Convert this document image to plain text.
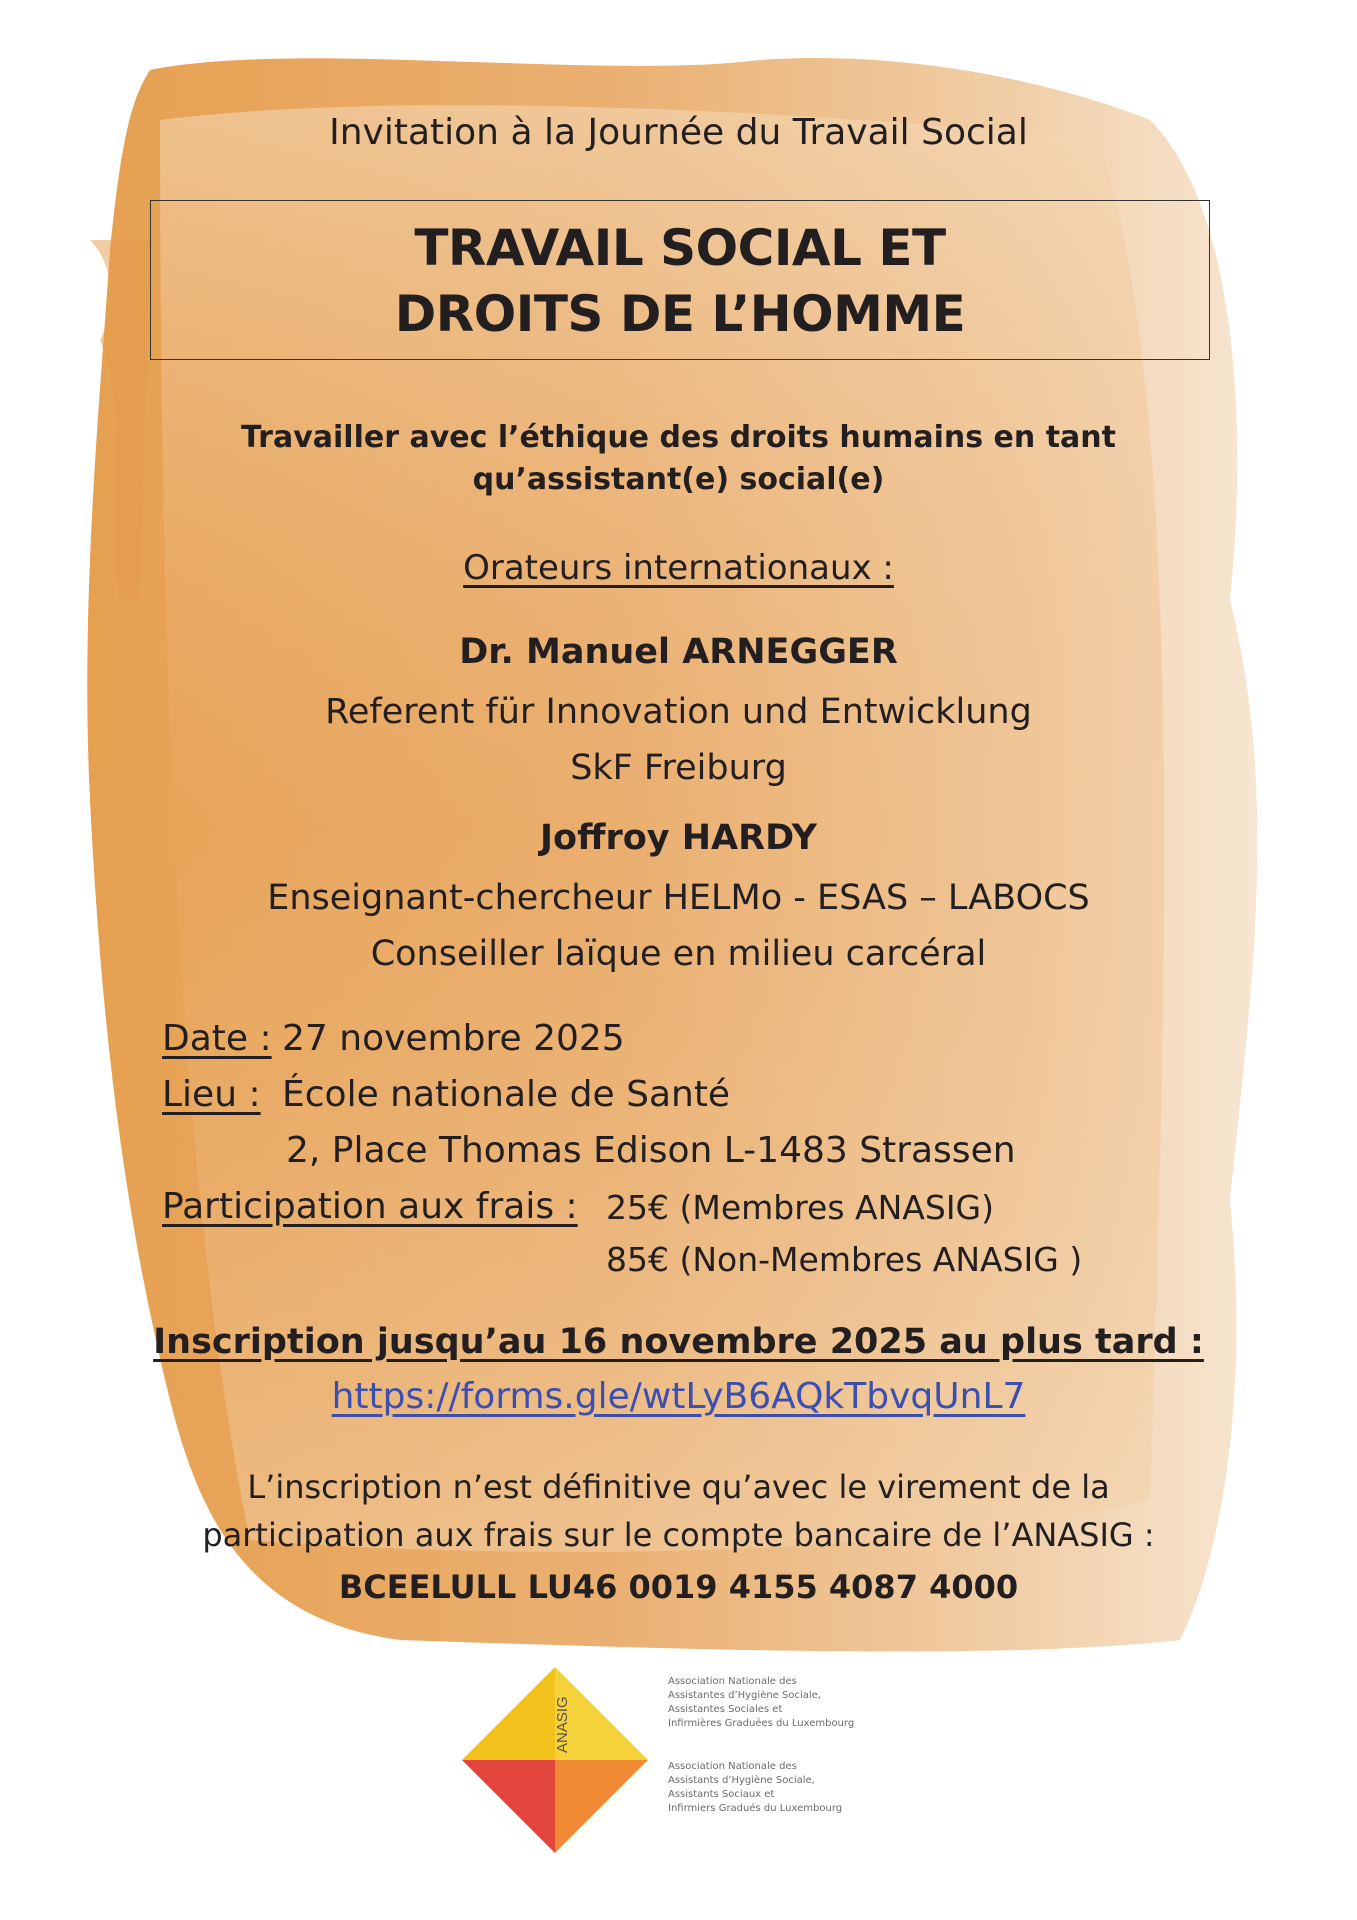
Invitation à la Journée du Travail Social
TRAVAIL SOCIAL ET
DROITS DE L’HOMME
Travailler avec l’éthique des droits humains en tant
qu’assistant(e) social(e)
Orateurs internationaux :
Dr. Manuel ARNEGGER
Referent für Innovation und Entwicklung
SkF Freiburg
Joffroy HARDY
Enseignant-chercheur HELMo - ESAS – LABOCS
Conseiller laïque en milieu carcéral
Date : 27 novembre 2025
Lieu : École nationale de Santé
2, Place Thomas Edison L-1483 Strassen
Participation aux frais : 25€ (Membres ANASIG)
85€ (Non-Membres ANASIG )
Inscription jusqu’au 16 novembre 2025 au plus tard :
https://forms.gle/wtLyB6AQkTbvqUnL7
L’inscription n’est définitive qu’avec le virement de la
participation aux frais sur le compte bancaire de l’ANASIG :
BCEELULL LU46 0019 4155 4087 4000
ANASIG
Association Nationale des
Assistantes d’Hygiène Sociale,
Assistantes Sociales et
Infirmières Graduées du Luxembourg
Association Nationale des
Assistants d’Hygiène Sociale,
Assistants Sociaux et
Infirmiers Gradués du Luxembourg
